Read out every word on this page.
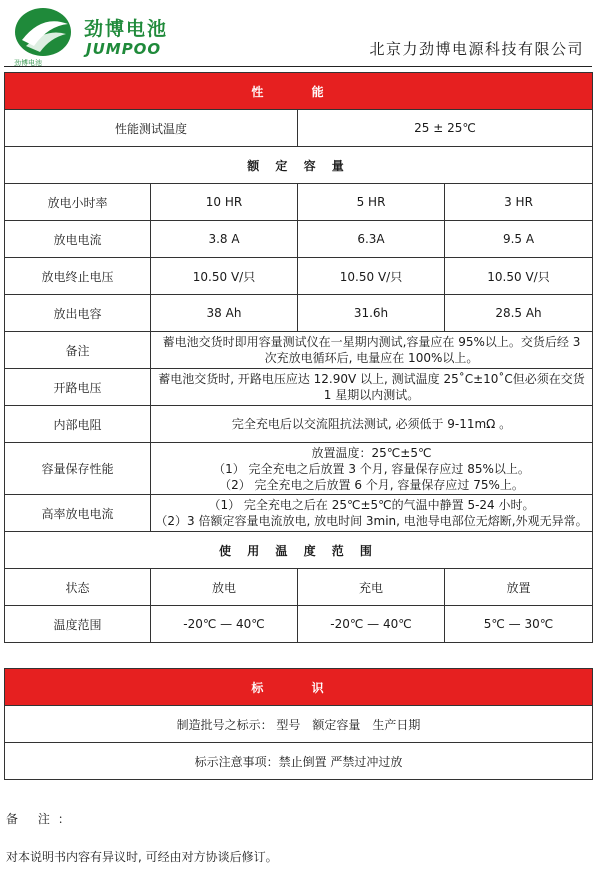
劲博电池
劲博电池
JUMPOO	北京力劲博电源科技有限公司
性 能			
性能测试温度		25 ± 25℃	
额 定 容 量			
放电小时率	10 HR	5 HR	3 HR
放电电流	3.8 A	6.3A	9.5 A
放电终止电压	10.50 V/只	10.50 V/只	10.50 V/只
放出电容	38 Ah	31.6h	28.5 Ah
备注	蓄电池交货时即用容量测试仪在一星期内测试,容量应在 95%以上。交货后经 3 次充放电循环后, 电量应在 100%以上。		
开路电压	蓄电池交货时, 开路电压应达 12.90V 以上, 测试温度 25˚C±10˚C但必须在交货 1 星期以内测试。		
内部电阻	完全充电后以交流阻抗法测试, 必须低于 9-11mΩ 。		
容量保存性能	放置温度：25℃±5℃
（1） 完全充电之后放置 3 个月, 容量保存应过 85%以上。
（2） 完全充电之后放置 6 个月, 容量保存应过 75%上。		

高率放电电流	（1） 完全充电之后在 25℃±5℃的气温中静置 5-24 小时。
（2）3 倍额定容量电流放电, 放电时间 3min, 电池导电部位无熔断,外观无异常。		

使 用 温 度 范 围			
状态	放电	充电	放置
温度范围	-20℃ — 40℃	-20℃ — 40℃	5℃ — 30℃
标 识
制造批号之标示： 型号　额定容量　生产日期
标示注意事项：禁止倒置 严禁过冲过放
备 注：
对本说明书内容有异议时, 可经由对方协谈后修订。
